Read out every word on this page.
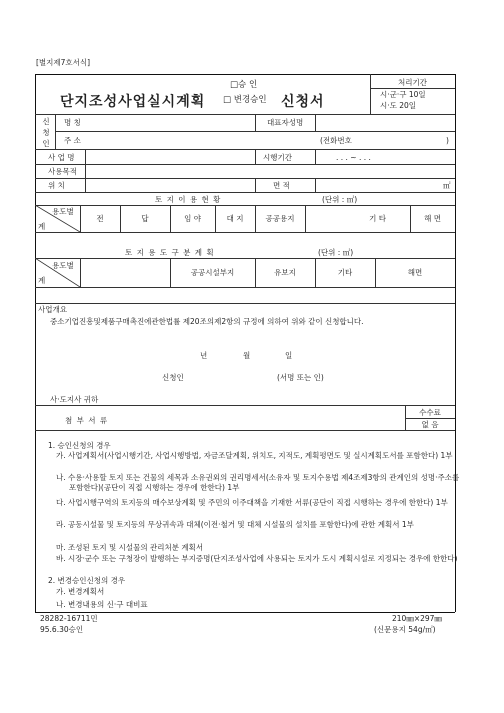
[별지제7호서식]
단지조성사업실시계획
□승 인
□ 변경승인 신청서
처리기간
시·군·구 10일
시·도 20일
신청인
명 칭	대표자성명
주 소	(전화번호	)
사 업 명	시행기간	. . . ~ . . .
사용목적
위 치	면 적	㎡
토 지 이 용 현 황	(단위 : ㎡)
용도별
계
전	답	임 야	대 지	공공용지	기 타	해 면
토 지 용 도 구 분 계 획	(단위 : ㎡)
용도별
계
공공시설부지	유보지	기타	해면
사업개요
중소기업진흥및제품구매촉진에관한법률 제20조의제2항의 규정에 의하여 위와 같이 신청합니다.
년	월	일
신청인	(서명 또는 인)
사·도지사 귀하
첨 부 서 류
수수료
없 음
1. 승인신청의 경우
가. 사업계획서(사업시행기간, 사업시행방법, 자금조달계획, 위치도, 지적도, 계획평면도 및 실시계획도서를 포함한다) 1부
나. 수용·사용할 토지 또는 건물의 세목과 소유권외의 권리명세서(소유자 및 토지수용법 제4조제3항의 관계인의 성명·주소를 포함한다)(공단이 직접 시행하는 경우에 한한다) 1부
다. 사업시행구역의 토지등의 매수보상계획 및 주민의 이주대책을 기재한 서류(공단이 직접 시행하는 경우에 한한다) 1부
라. 공동시설물 및 토지등의 무상귀속과 대체(이전·철거 및 대체 시설물의 설치를 포함한다)에 관한 계획서 1부
마. 조성된 토지 및 시설물의 관리처분 계획서
바. 시장·군수 또는 구청장이 발행하는 부지증명(단지조성사업에 사용되는 토지가 도시 계획시설로 지정되는 경우에 한한다)
2. 변경승인신청의 경우
가. 변경계획서
나. 변경내용의 신·구 대비표
28282-16711민
95.6.30승인
210㎜×297㎜
(신문용지 54g/㎡)
